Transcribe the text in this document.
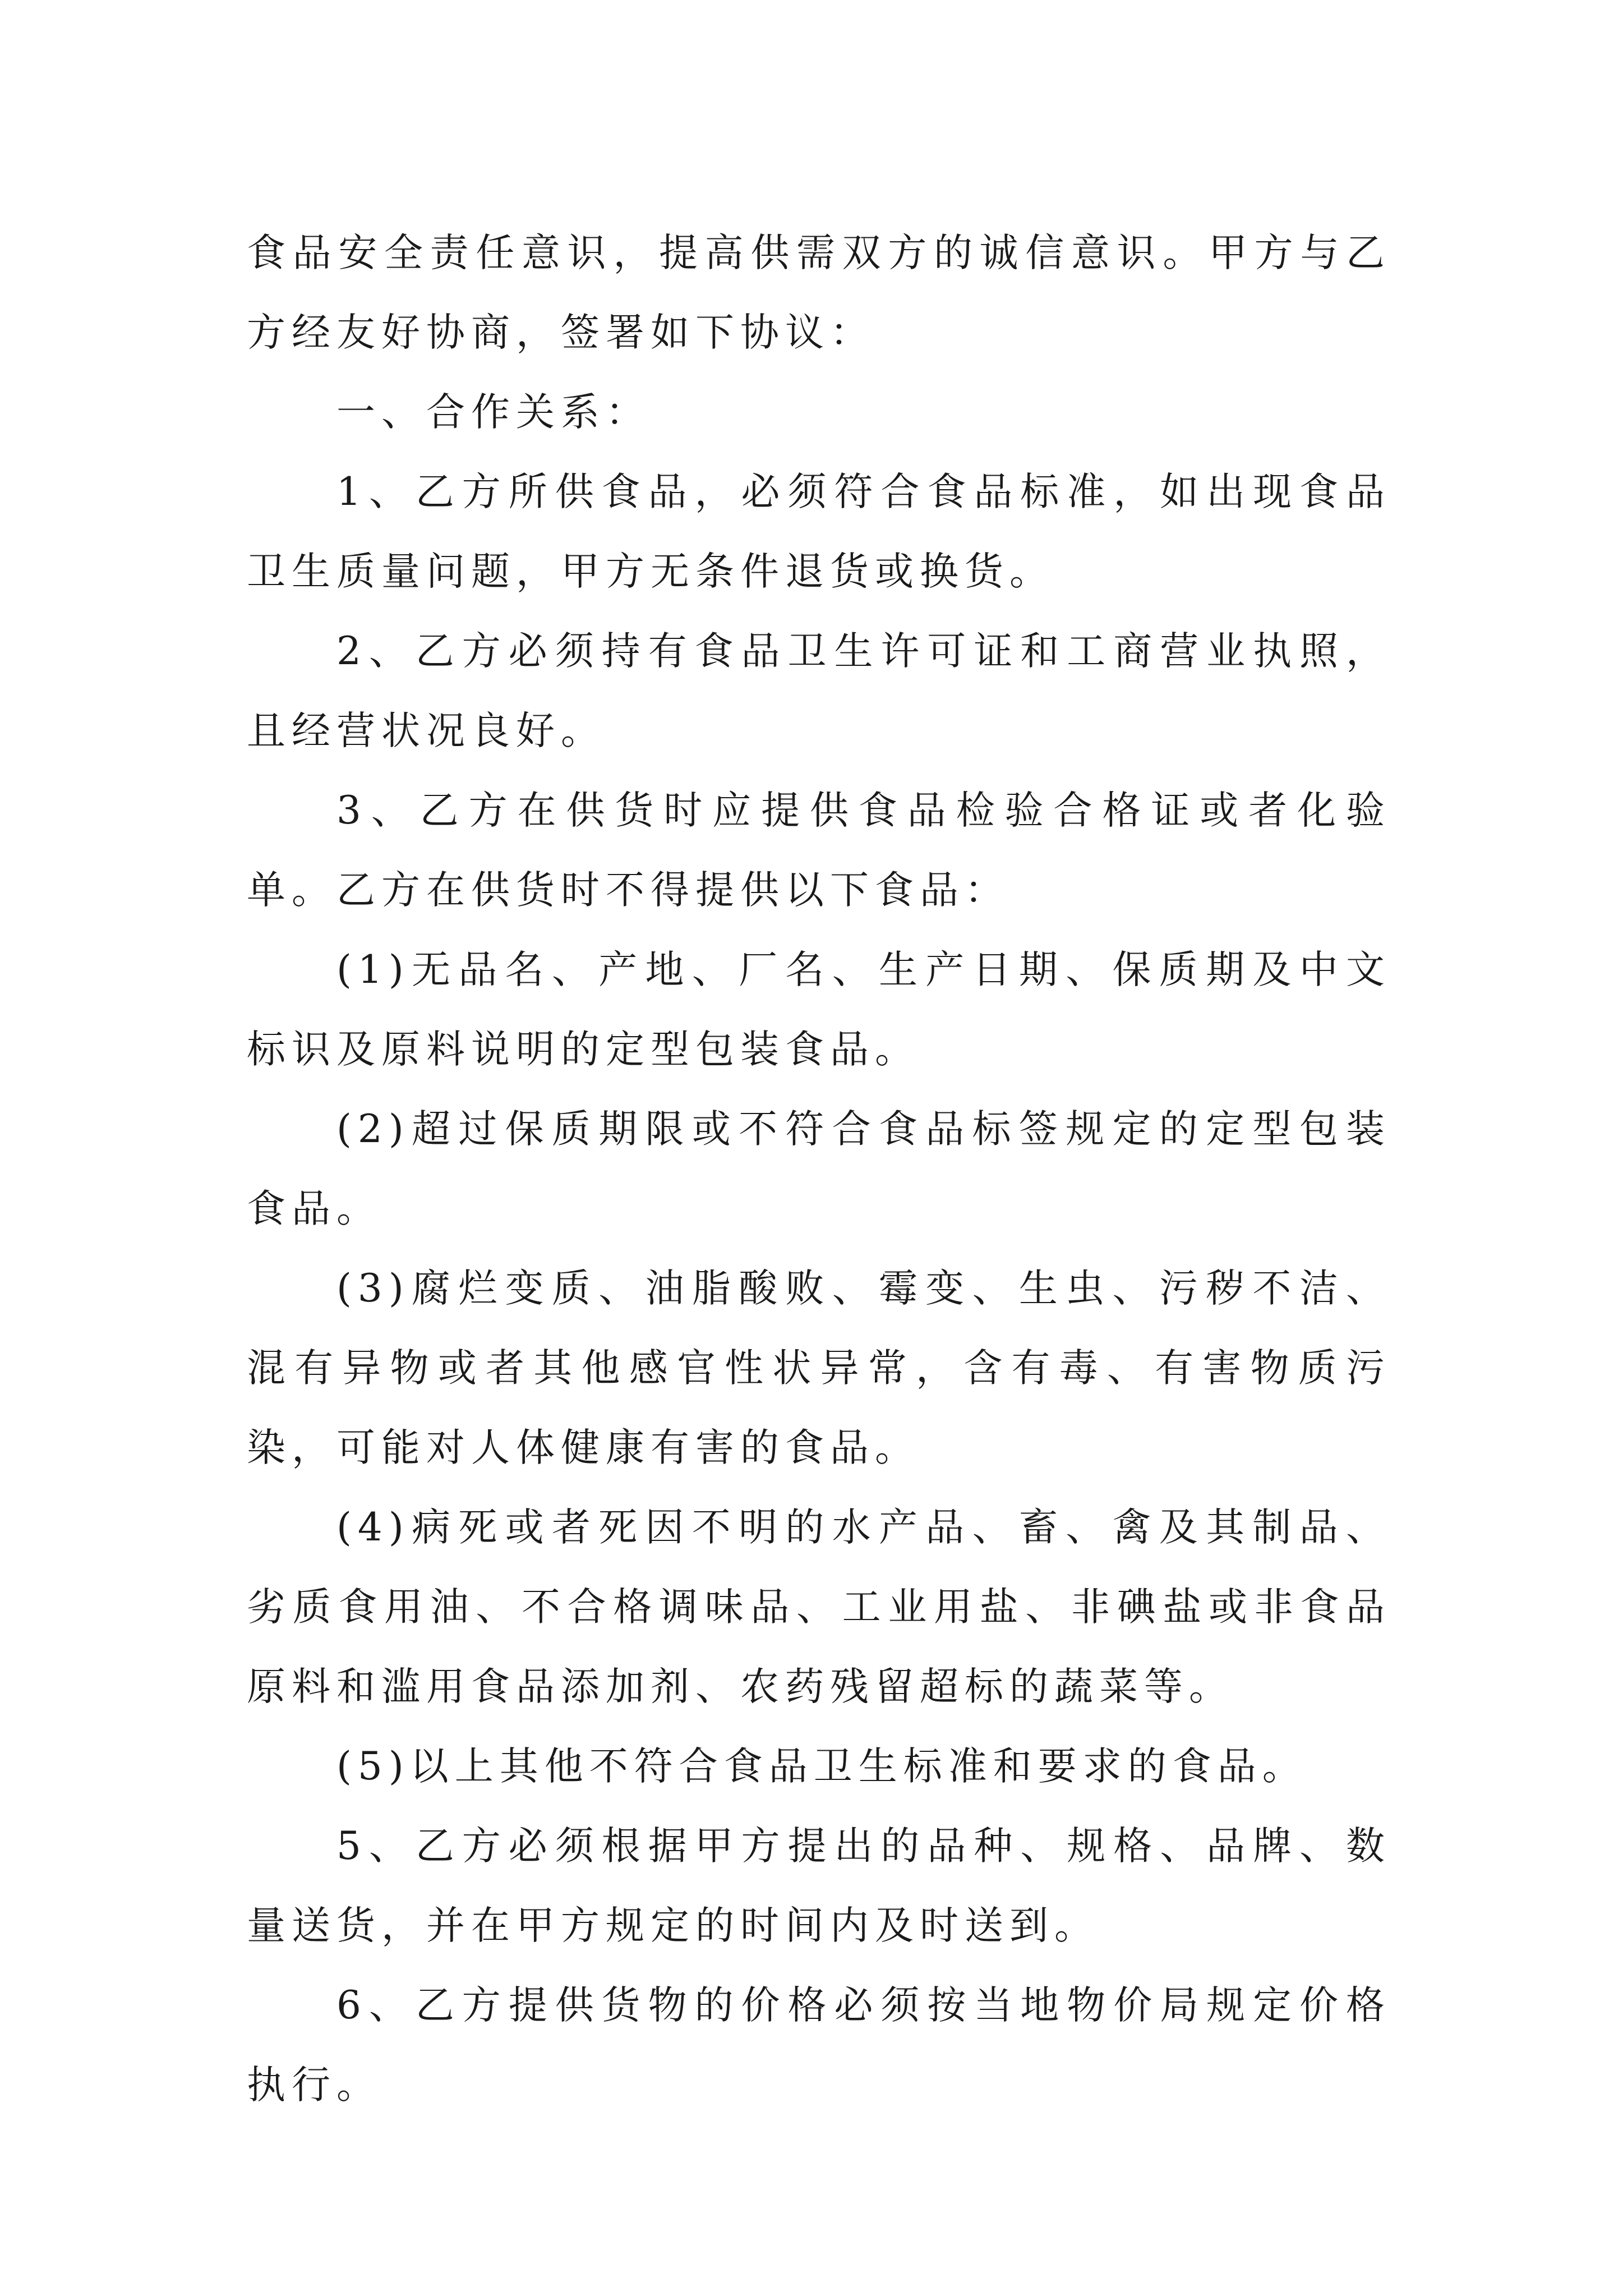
食品安全责任意识，提高供需双方的诚信意识。甲方与乙方经友好协商，签署如下协议：

一、合作关系：

1、乙方所供食品，必须符合食品标准，如出现食品卫生质量问题，甲方无条件退货或换货。

2、乙方必须持有食品卫生许可证和工商营业执照，且经营状况良好。

3、乙方在供货时应提供食品检验合格证或者化验单。乙方在供货时不得提供以下食品：

(1)无品名、产地、厂名、生产日期、保质期及中文标识及原料说明的定型包装食品。

(2)超过保质期限或不符合食品标签规定的定型包装食品。

(3)腐烂变质、油脂酸败、霉变、生虫、污秽不洁、混有异物或者其他感官性状异常，含有毒、有害物质污染，可能对人体健康有害的食品。

(4)病死或者死因不明的水产品、畜、禽及其制品、劣质食用油、不合格调味品、工业用盐、非碘盐或非食品原料和滥用食品添加剂、农药残留超标的蔬菜等。

(5)以上其他不符合食品卫生标准和要求的食品。

5、乙方必须根据甲方提出的品种、规格、品牌、数量送货，并在甲方规定的时间内及时送到。

6、乙方提供货物的价格必须按当地物价局规定价格执行。
